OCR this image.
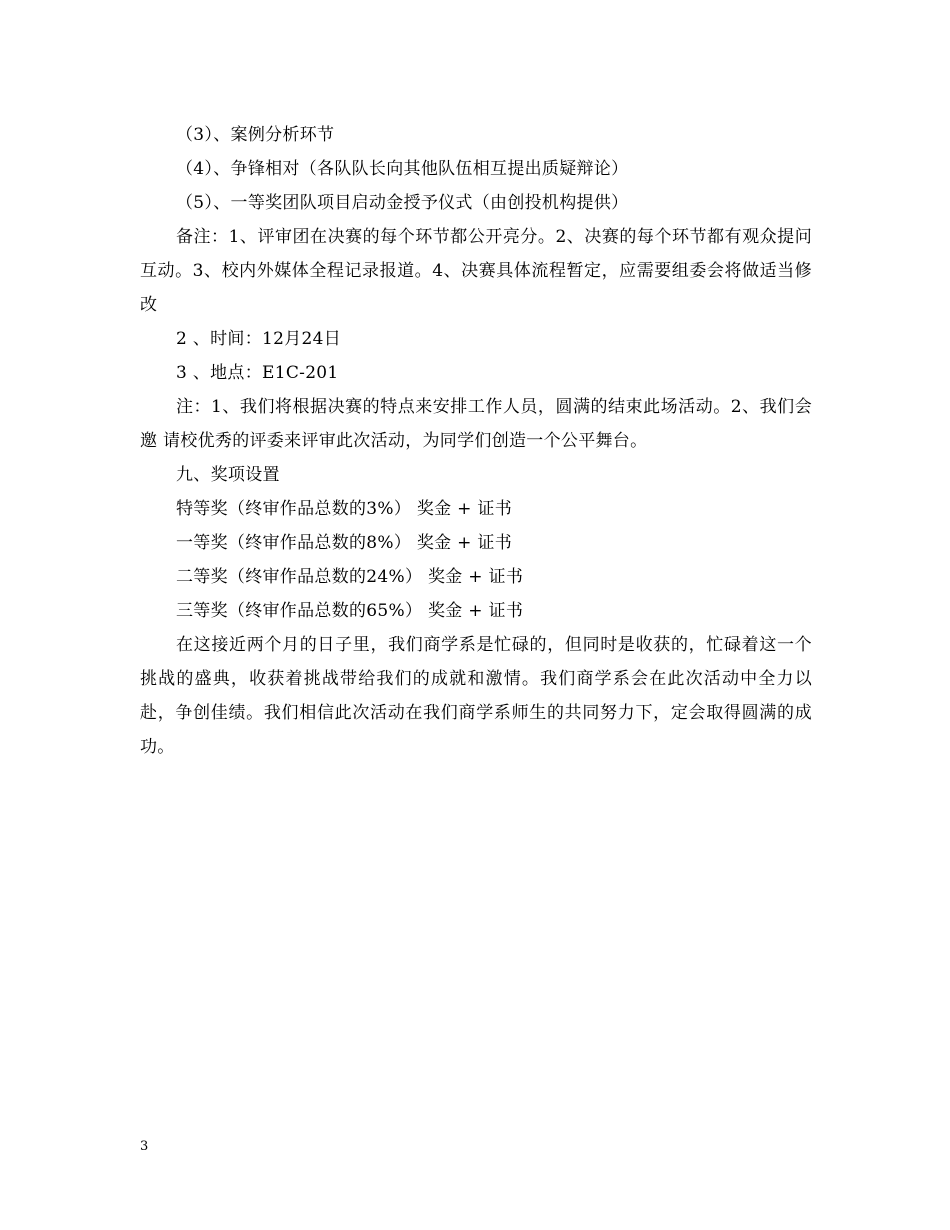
（3）、案例分析环节
（4）、争锋相对（各队队长向其他队伍相互提出质疑辩论）
（5）、一等奖团队项目启动金授予仪式（由创投机构提供）
备注：1、评审团在决赛的每个环节都公开亮分。2、决赛的每个环节都有观众提问互动。3、校内外媒体全程记录报道。4、决赛具体流程暂定，应需要组委会将做适当修改
2 、时间：12月24日
3 、地点：E1C-201
注：1、我们将根据决赛的特点来安排工作人员，圆满的结束此场活动。2、我们会邀 请校优秀的评委来评审此次活动，为同学们创造一个公平舞台。
九、奖项设置
特等奖（终审作品总数的3%） 奖金 + 证书
一等奖（终审作品总数的8%） 奖金 + 证书
二等奖（终审作品总数的24%） 奖金 + 证书
三等奖（终审作品总数的65%） 奖金 + 证书
在这接近两个月的日子里，我们商学系是忙碌的，但同时是收获的，忙碌着这一个挑战的盛典，收获着挑战带给我们的成就和激情。我们商学系会在此次活动中全力以赴，争创佳绩。我们相信此次活动在我们商学系师生的共同努力下，定会取得圆满的成功。
3
